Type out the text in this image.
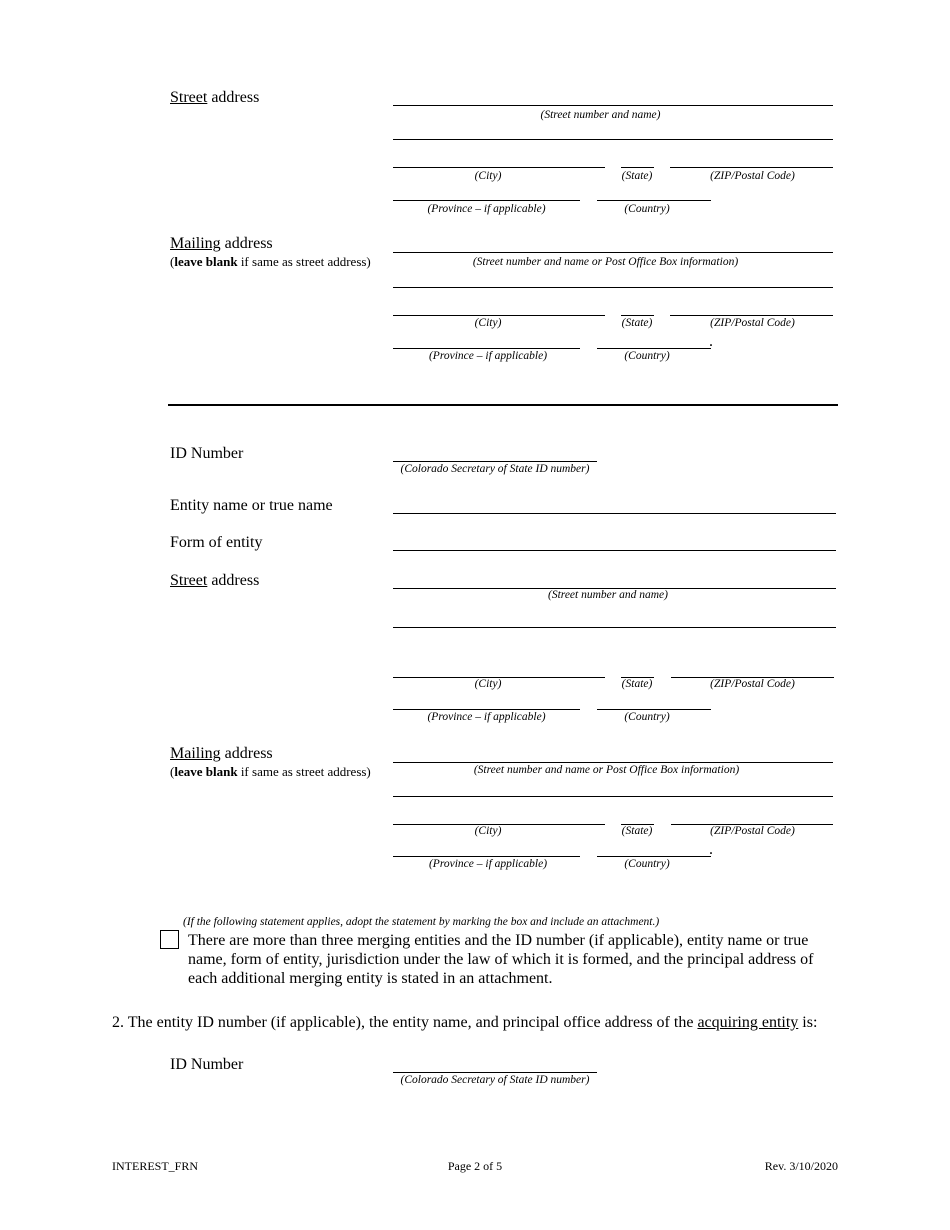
Street address
(Street number and name)
(City)	(State)	(ZIP/Postal Code)
(Province – if applicable)	(Country)
Mailing address
(leave blank if same as street address)	(Street number and name or Post Office Box information)
(City)	(State)	(ZIP/Postal Code)
.
(Province – if applicable)	(Country)
ID Number
(Colorado Secretary of State ID number)
Entity name or true name
Form of entity
Street address
(Street number and name)
(City)	(State)	(ZIP/Postal Code)
(Province – if applicable)	(Country)
Mailing address
(leave blank if same as street address)	(Street number and name or Post Office Box information)
(City)	(State)	(ZIP/Postal Code)
.
(Province – if applicable)	(Country)
(If the following statement applies, adopt the statement by marking the box and include an attachment.)
There are more than three merging entities and the ID number (if applicable), entity name or true name, form of entity, jurisdiction under the law of which it is formed, and the principal address of each additional merging entity is stated in an attachment.
2. The entity ID number (if applicable), the entity name, and principal office address of the acquiring entity is:
ID Number
(Colorado Secretary of State ID number)
INTEREST_FRN	Page 2 of 5	Rev. 3/10/2020
